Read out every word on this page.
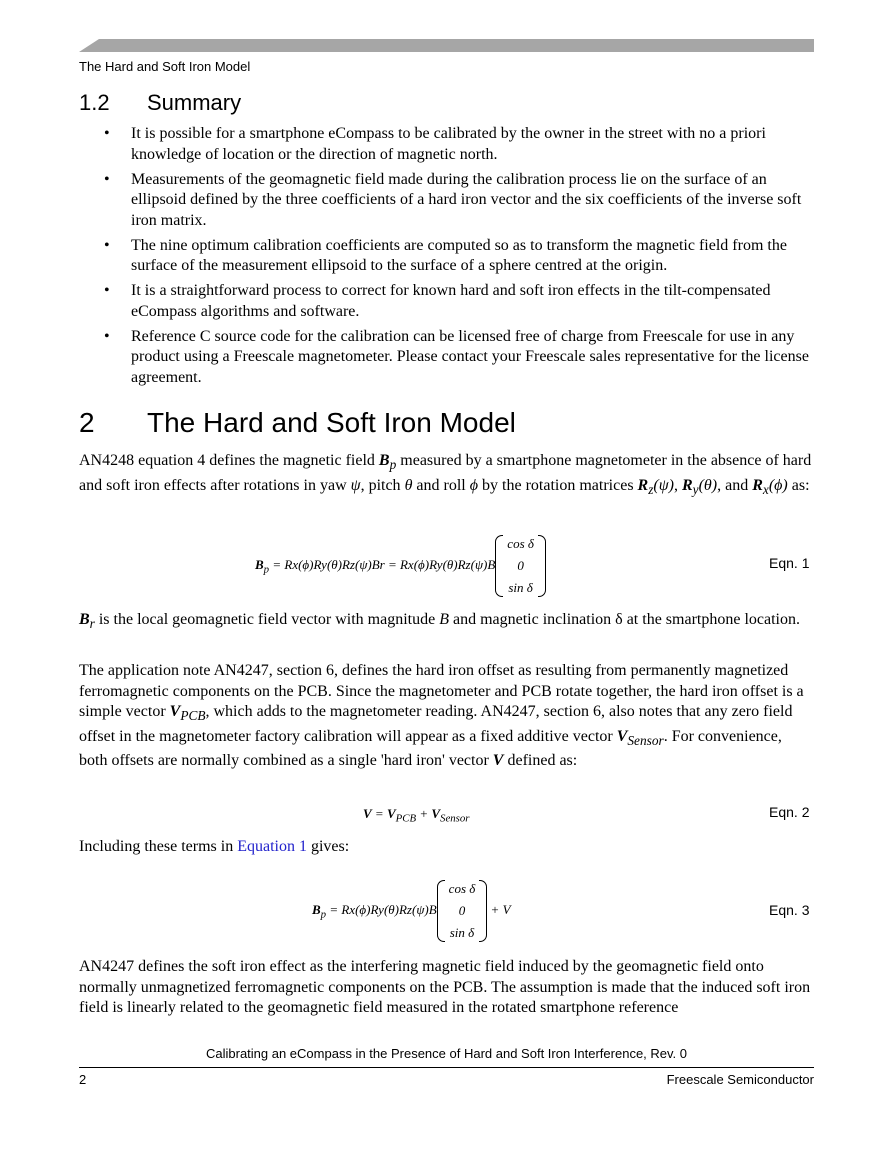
The Hard and Soft Iron Model
1.2 Summary
• It is possible for a smartphone eCompass to be calibrated by the owner in the street with no a priori knowledge of location or the direction of magnetic north.
• Measurements of the geomagnetic field made during the calibration process lie on the surface of an ellipsoid defined by the three coefficients of a hard iron vector and the six coefficients of the inverse soft iron matrix.
• The nine optimum calibration coefficients are computed so as to transform the magnetic field from the surface of the measurement ellipsoid to the surface of a sphere centred at the origin.
• It is a straightforward process to correct for known hard and soft iron effects in the tilt-compensated eCompass algorithms and software.
• Reference C source code for the calibration can be licensed free of charge from Freescale for use in any product using a Freescale magnetometer. Please contact your Freescale sales representative for the license agreement.
2 The Hard and Soft Iron Model

AN4248 equation 4 defines the magnetic field $B_p$ measured by a smartphone magnetometer in the absence of hard and soft iron effects after rotations in yaw ψ, pitch θ and roll ϕ by the rotation matrices $R_z(\psi)$, $R_y(\theta)$, and $R_x(\phi)$ as:

$B_p = Rx(\phi)Ry(\theta)Rz(\psi)Br = Rx(\phi)Ry(\theta)Rz(\psi)B$
cos δ
0
sin δ
Eqn. 1

$B_r$ is the local geomagnetic field vector with magnitude B and magnetic inclination δ at the smartphone location.

The application note AN4247, section 6, defines the hard iron offset as resulting from permanently magnetized ferromagnetic components on the PCB. Since the magnetometer and PCB rotate together, the hard iron offset is a simple vector $V_{PCB}$, which adds to the magnetometer reading. AN4247, section 6, also notes that any zero field offset in the magnetometer factory calibration will appear as a fixed additive vector $V_{Sensor}$. For convenience, both offsets are normally combined as a single 'hard iron' vector V defined as:

$V = V_{PCB} + V_{Sensor}$	Eqn. 2

Including these terms in Equation 1 gives:

$B_p = Rx(\phi)Ry(\theta)Rz(\psi)B$
cos δ
0
sin δ
+ V	Eqn. 3

AN4247 defines the soft iron effect as the interfering magnetic field induced by the geomagnetic field onto normally unmagnetized ferromagnetic components on the PCB. The assumption is made that the induced soft iron field is linearly related to the geomagnetic field measured in the rotated smartphone reference

Calibrating an eCompass in the Presence of Hard and Soft Iron Interference, Rev. 0
2	Freescale Semiconductor
